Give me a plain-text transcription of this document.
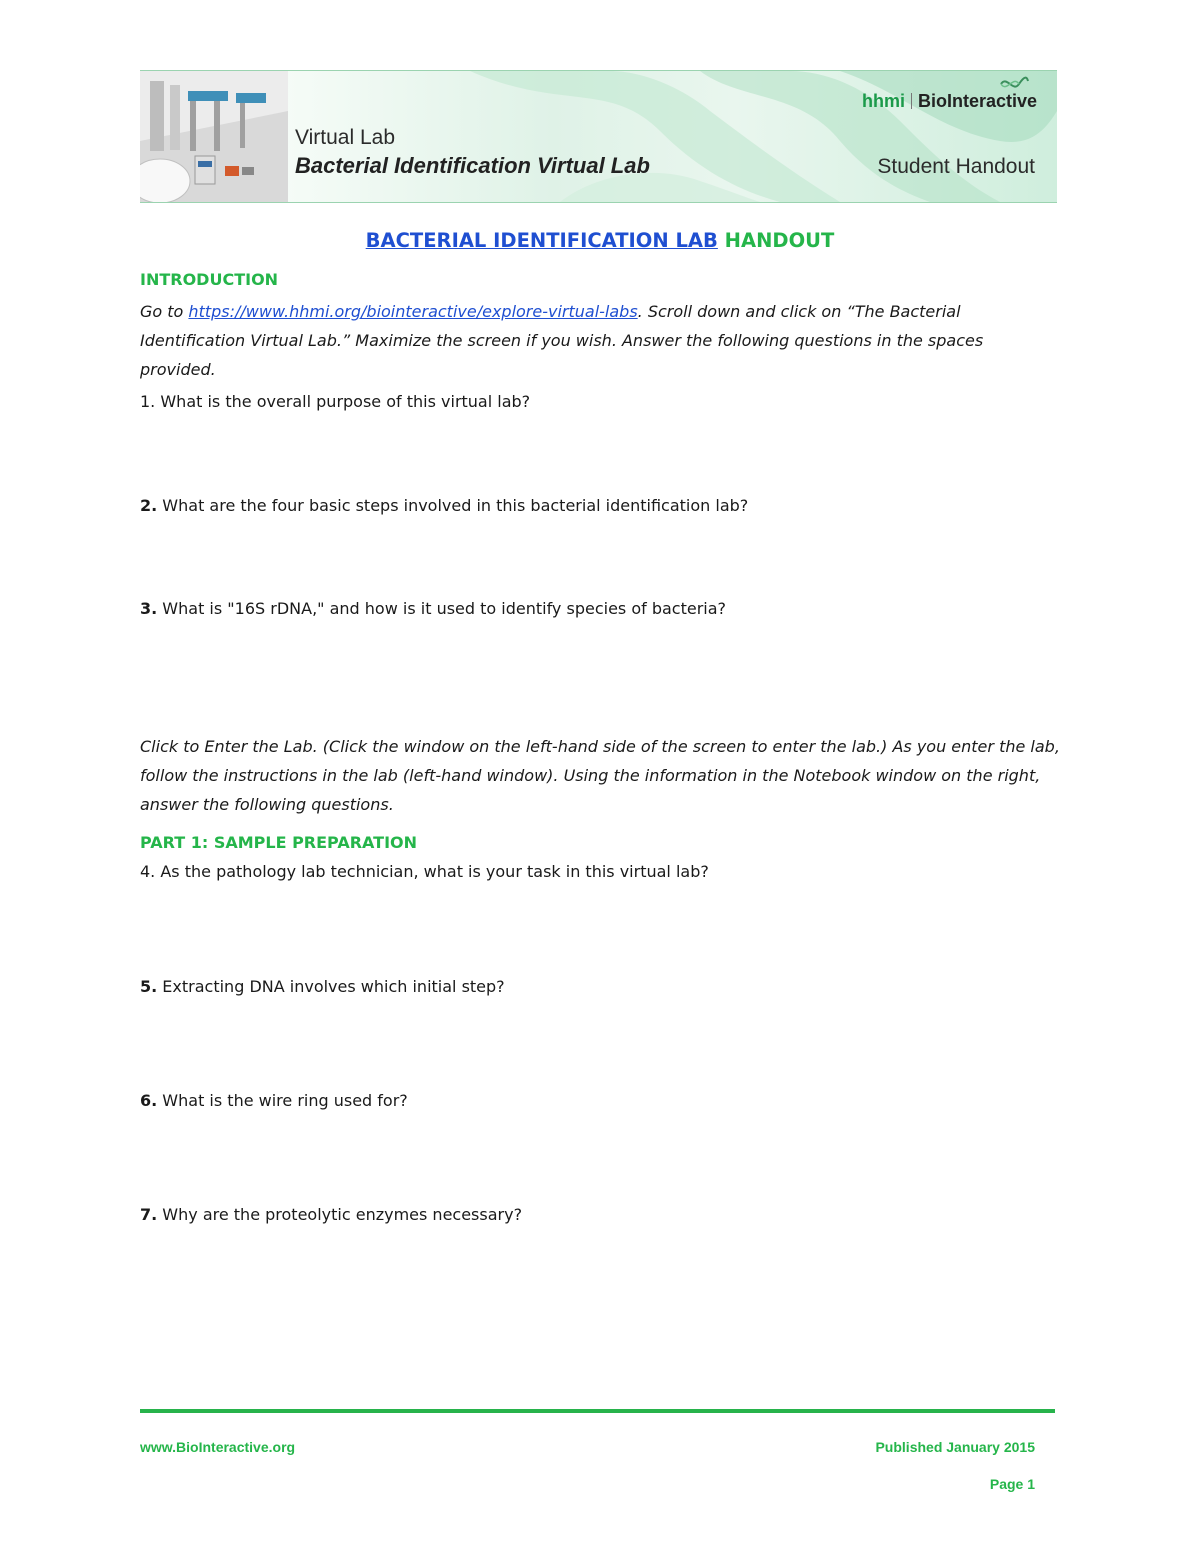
Virtual Lab
Bacterial Identification Virtual Lab	Student Handout
hhmi BioInteractive
BACTERIAL IDENTIFICATION LAB HANDOUT
INTRODUCTION

Go to https://www.hhmi.org/biointeractive/explore-virtual-labs. Scroll down and click on “The Bacterial Identification Virtual Lab.” Maximize the screen if you wish. Answer the following questions in the spaces provided.

1. What is the overall purpose of this virtual lab?

2. What are the four basic steps involved in this bacterial identification lab?

3. What is "16S rDNA," and how is it used to identify species of bacteria?

Click to Enter the Lab. (Click the window on the left-hand side of the screen to enter the lab.) As you enter the lab, follow the instructions in the lab (left-hand window). Using the information in the Notebook window on the right, answer the following questions.

PART 1: SAMPLE PREPARATION

4. As the pathology lab technician, what is your task in this virtual lab?

5. Extracting DNA involves which initial step?

6. What is the wire ring used for?

7. Why are the proteolytic enzymes necessary?

www.BioInteractive.org	Published January 2015
Page 1
